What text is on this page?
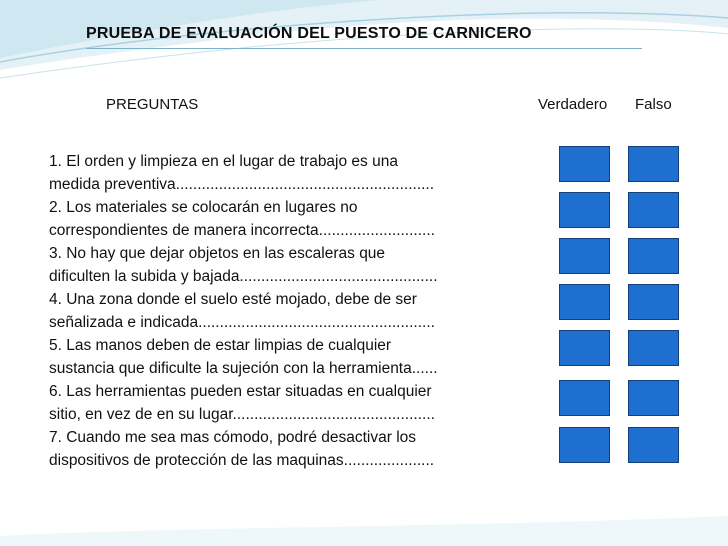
PRUEBA DE EVALUACIÓN DEL PUESTO DE CARNICERO
PREGUNTAS	Verdadero Falso
1. El orden y limpieza en el lugar de trabajo es una
medida preventiva............................................................
2. Los materiales se colocarán en lugares no
correspondientes de manera incorrecta...........................
3. No hay que dejar objetos en las escaleras que
dificulten la subida y bajada..............................................
4. Una zona donde el suelo esté mojado, debe de ser
señalizada e indicada.......................................................
5. Las manos deben de estar limpias de cualquier
sustancia que dificulte la sujeción con la herramienta......
6. Las herramientas pueden estar situadas en cualquier
sitio, en vez de en su lugar...............................................
7. Cuando me sea mas cómodo, podré desactivar los
dispositivos de protección de las maquinas.....................
